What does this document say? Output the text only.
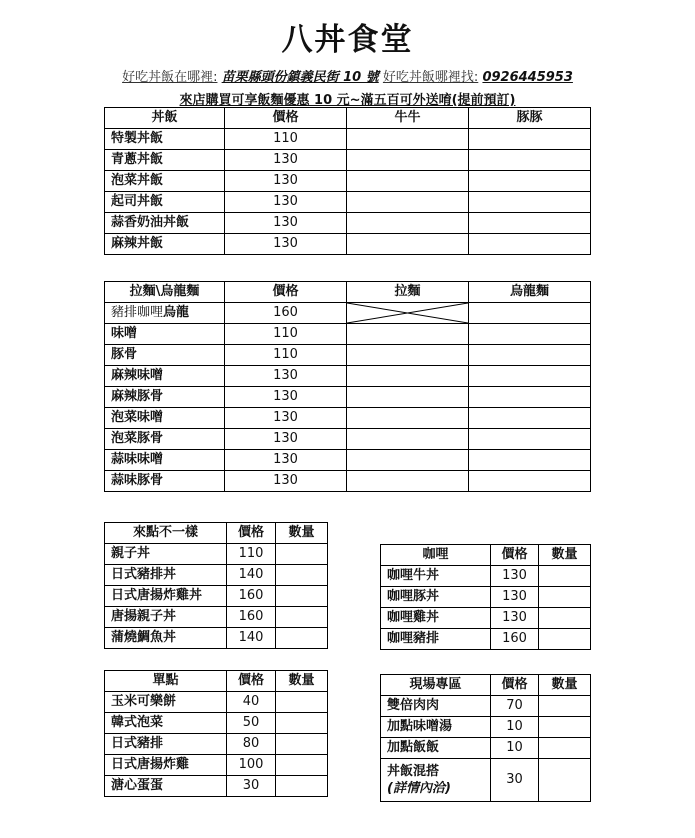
八丼食堂
好吃丼飯在哪裡: 苗栗縣頭份鎮義民街 10 號 好吃丼飯哪裡找: 0926445953
來店購買可享飯麵優惠 10 元~滿五百可外送唷(提前預訂)
丼飯	價格	牛牛	豚豚
特製丼飯	110		
青蔥丼飯	130		
泡菜丼飯	130		
起司丼飯	130		
蒜香奶油丼飯	130		
麻辣丼飯	130		
拉麵\烏龍麵	價格	拉麵	烏龍麵
豬排咖哩烏龍	160	

味噌	110		
豚骨	110		
麻辣味噌	130		
麻辣豚骨	130		
泡菜味噌	130		
泡菜豚骨	130		
蒜味味噌	130		
蒜味豚骨	130		
來點不一樣	價格	數量
親子丼	110	
日式豬排丼	140	
日式唐揚炸雞丼	160	
唐揚親子丼	160	
蒲燒鯛魚丼	140	
咖哩	價格	數量
咖哩牛丼	130	
咖哩豚丼	130	
咖哩雞丼	130	
咖哩豬排	160	
單點	價格	數量
玉米可樂餅	40	
韓式泡菜	50	
日式豬排	80	
日式唐揚炸雞	100	
溏心蛋蛋	30	
現場專區	價格	數量
雙倍肉肉	70	
加點味噌湯	10	
加點飯飯	10	

丼飯混搭
(詳情內洽)	30	
